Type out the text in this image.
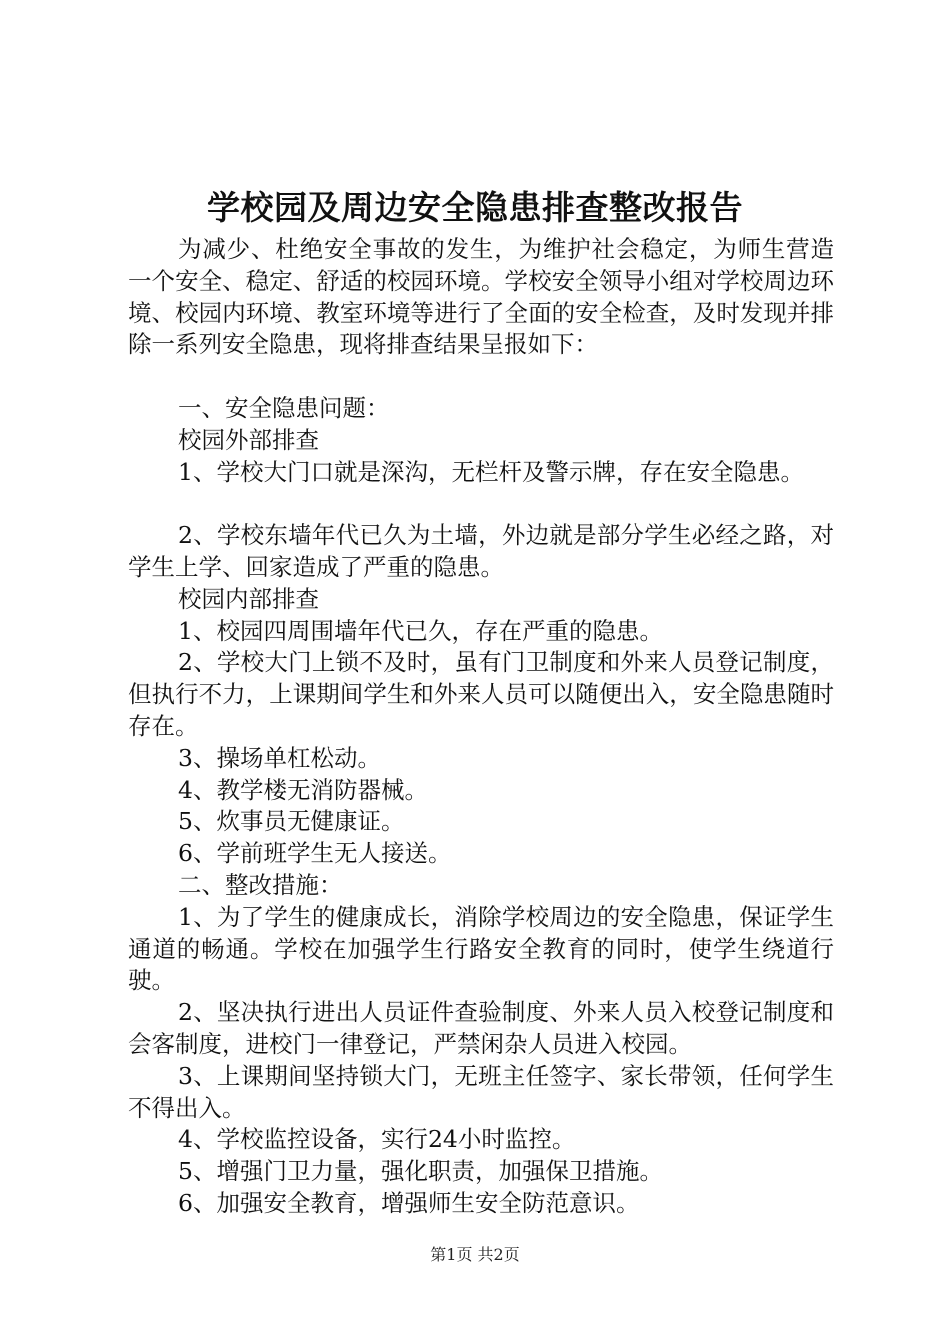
学校园及周边安全隐患排查整改报告

为减少、杜绝安全事故的发生，为维护社会稳定，为师生营造一个安全、稳定、舒适的校园环境。学校安全领导小组对学校周边环境、校园内环境、教室环境等进行了全面的安全检查，及时发现并排除一系列安全隐患，现将排查结果呈报如下：

一、安全隐患问题：

校园外部排查

1、学校大门口就是深沟，无栏杆及警示牌，存在安全隐患。

2、学校东墙年代已久为土墙，外边就是部分学生必经之路，对学生上学、回家造成了严重的隐患。

校园内部排查

1、校园四周围墙年代已久，存在严重的隐患。

2、学校大门上锁不及时，虽有门卫制度和外来人员登记制度，但执行不力，上课期间学生和外来人员可以随便出入，安全隐患随时存在。

3、操场单杠松动。

4、教学楼无消防器械。

5、炊事员无健康证。

6、学前班学生无人接送。

二、整改措施：

1、为了学生的健康成长，消除学校周边的安全隐患，保证学生通道的畅通。学校在加强学生行路安全教育的同时，使学生绕道行驶。

2、坚决执行进出人员证件查验制度、外来人员入校登记制度和会客制度，进校门一律登记，严禁闲杂人员进入校园。

3、上课期间坚持锁大门，无班主任签字、家长带领，任何学生不得出入。

4、学校监控设备，实行24小时监控。

5、增强门卫力量，强化职责，加强保卫措施。

6、加强安全教育，增强师生安全防范意识。

第1页 共2页
